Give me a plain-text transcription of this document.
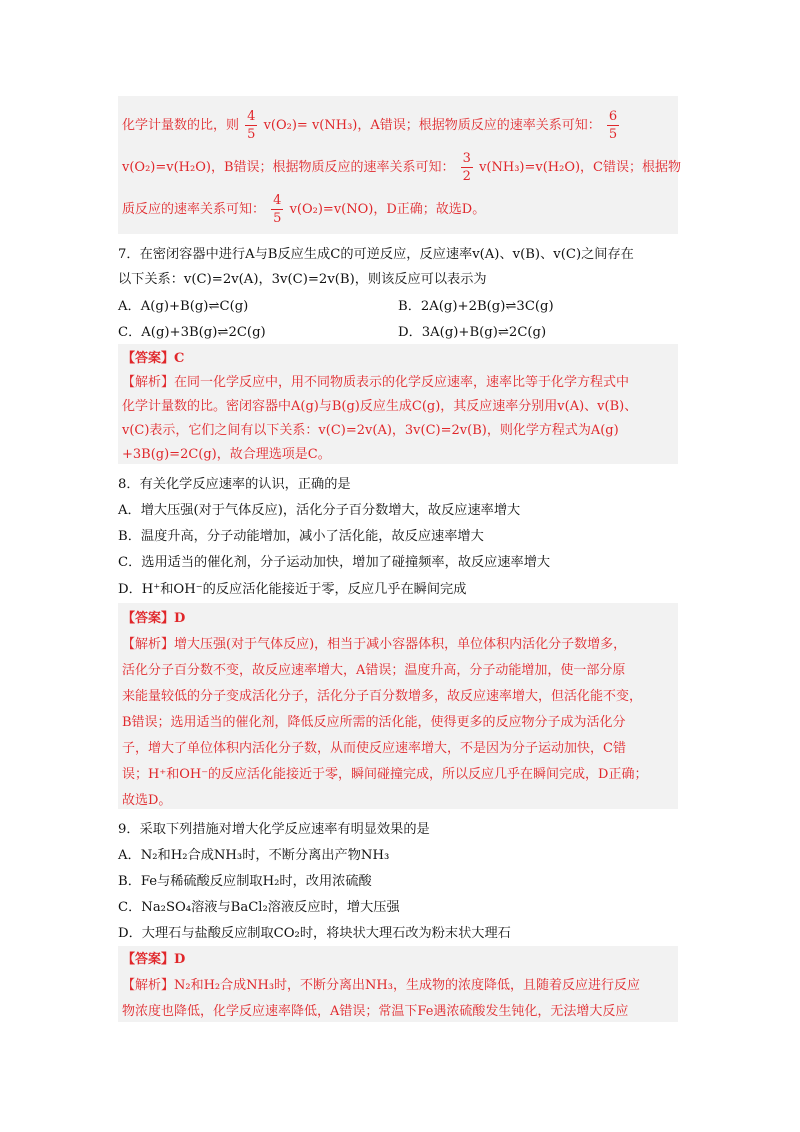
化学计量数的比，则 $\frac{4}{5} v(O_2)= v(NH_3)$，A错误；根据物质反应的速率关系可知： $\frac{6}{5}$
v(O₂)=v(H₂O)，B错误；根据物质反应的速率关系可知： $\frac{3}{2} v(NH_3)=v(H_2O)$，C错误；根据物
质反应的速率关系可知： $\frac{4}{5} v(O_2)=v(NO)$，D正确；故选D。
7．在密闭容器中进行A与B反应生成C的可逆反应，反应速率v(A)、v(B)、v(C)之间存在
以下关系：v(C)=2v(A)，3v(C)=2v(B)，则该反应可以表示为
A．A(g)+B(g)⇌C(g)	B．2A(g)+2B(g)⇌3C(g)
C．A(g)+3B(g)⇌2C(g)	D．3A(g)+B(g)⇌2C(g)
【答案】C
【解析】在同一化学反应中，用不同物质表示的化学反应速率，速率比等于化学方程式中
化学计量数的比。密闭容器中A(g)与B(g)反应生成C(g)，其反应速率分别用v(A)、v(B)、
v(C)表示，它们之间有以下关系：v(C)=2v(A)，3v(C)=2v(B)，则化学方程式为A(g)
+3B(g)=2C(g)，故合理选项是C。
8．有关化学反应速率的认识，正确的是
A．增大压强(对于气体反应)，活化分子百分数增大，故反应速率增大
B．温度升高，分子动能增加，减小了活化能，故反应速率增大
C．选用适当的催化剂，分子运动加快，增加了碰撞频率，故反应速率增大
D．H⁺和OH⁻的反应活化能接近于零，反应几乎在瞬间完成
【答案】D
【解析】增大压强(对于气体反应)，相当于减小容器体积，单位体积内活化分子数增多，
活化分子百分数不变，故反应速率增大，A错误；温度升高，分子动能增加，使一部分原
来能量较低的分子变成活化分子，活化分子百分数增多，故反应速率增大，但活化能不变，
B错误；选用适当的催化剂，降低反应所需的活化能，使得更多的反应物分子成为活化分
子，增大了单位体积内活化分子数，从而使反应速率增大，不是因为分子运动加快，C错
误；H⁺和OH⁻的反应活化能接近于零，瞬间碰撞完成，所以反应几乎在瞬间完成，D正确；
故选D。
9．采取下列措施对增大化学反应速率有明显效果的是
A．N₂和H₂合成NH₃时，不断分离出产物NH₃
B．Fe与稀硫酸反应制取H₂时，改用浓硫酸
C．Na₂SO₄溶液与BaCl₂溶液反应时，增大压强
D．大理石与盐酸反应制取CO₂时，将块状大理石改为粉末状大理石
【答案】D
【解析】N₂和H₂合成NH₃时，不断分离出NH₃，生成物的浓度降低，且随着反应进行反应
物浓度也降低，化学反应速率降低，A错误；常温下Fe遇浓硫酸发生钝化，无法增大反应
